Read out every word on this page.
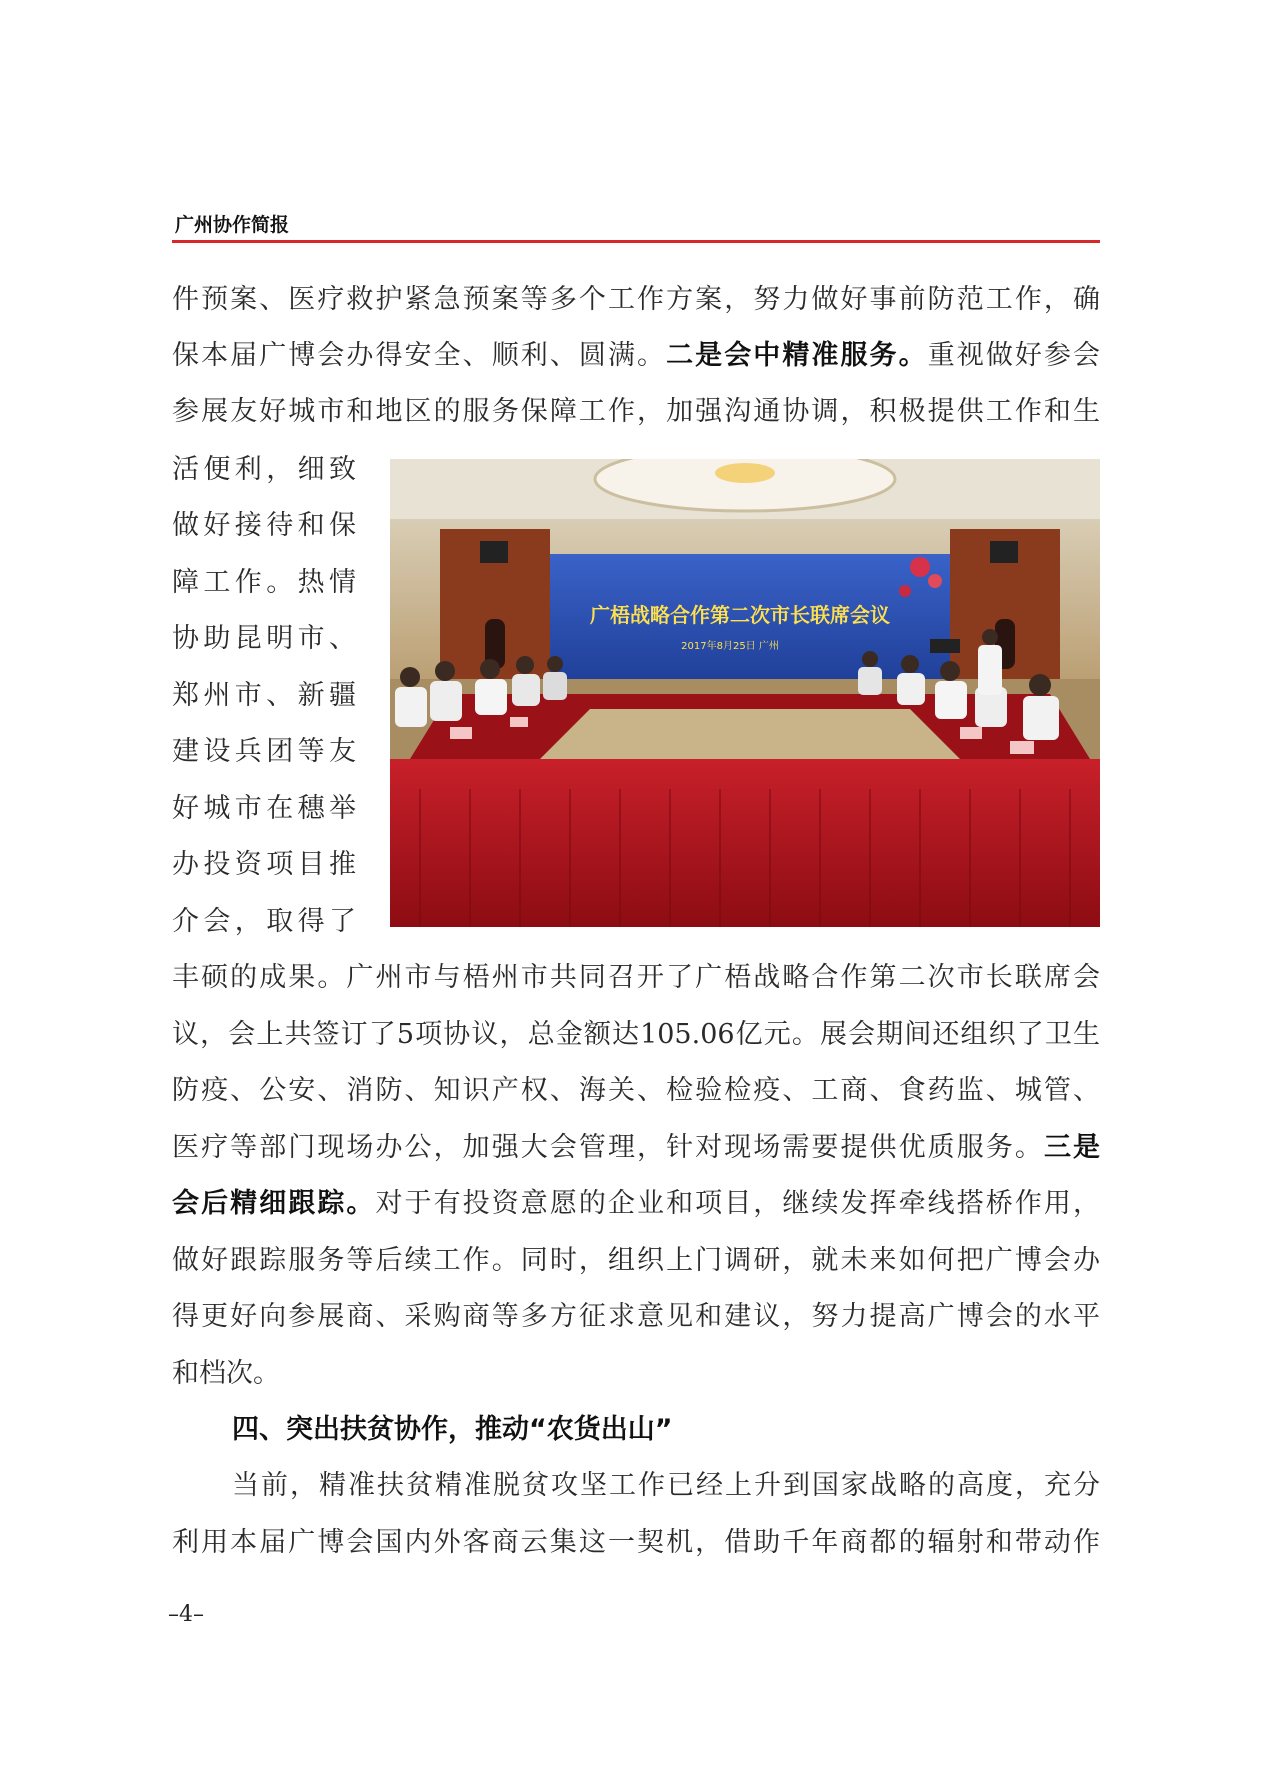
广州协作简报
件预案、医疗救护紧急预案等多个工作方案，努力做好事前防范工作，确
保本届广博会办得安全、顺利、圆满。二是会中精准服务。重视做好参会
参展友好城市和地区的服务保障工作，加强沟通协调，积极提供工作和生
活便利，细致
做好接待和保
障工作。热情
协助昆明市、
郑州市、新疆
建设兵团等友
好城市在穗举
办投资项目推
介会，取得了
广梧战略合作第二次市长联席会议
2017年8月25日 广州
丰硕的成果。广州市与梧州市共同召开了广梧战略合作第二次市长联席会
议，会上共签订了5项协议，总金额达105.06亿元。展会期间还组织了卫生
防疫、公安、消防、知识产权、海关、检验检疫、工商、食药监、城管、
医疗等部门现场办公，加强大会管理，针对现场需要提供优质服务。三是
会后精细跟踪。对于有投资意愿的企业和项目，继续发挥牵线搭桥作用，
做好跟踪服务等后续工作。同时，组织上门调研，就未来如何把广博会办
得更好向参展商、采购商等多方征求意见和建议，努力提高广博会的水平
和档次。
四、突出扶贫协作，推动“农货出山”
当前，精准扶贫精准脱贫攻坚工作已经上升到国家战略的高度，充分
利用本届广博会国内外客商云集这一契机，借助千年商都的辐射和带动作
–4–
